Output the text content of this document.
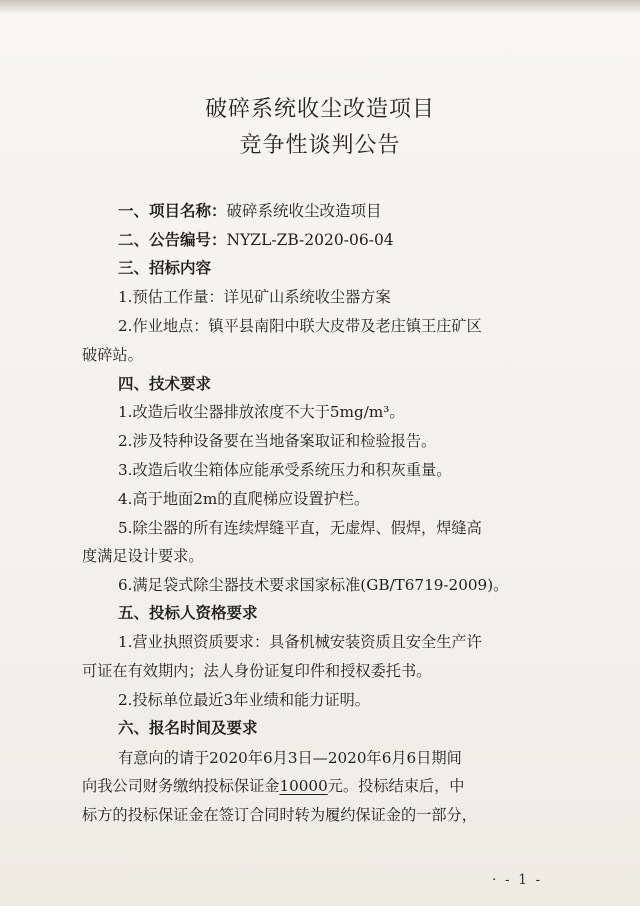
破碎系统收尘改造项目
竞争性谈判公告
一、项目名称：破碎系统收尘改造项目
二、公告编号：NYZL-ZB-2020-06-04
三、招标内容
1.预估工作量：详见矿山系统收尘器方案
2.作业地点：镇平县南阳中联大皮带及老庄镇王庄矿区
破碎站。
四、技术要求
1.改造后收尘器排放浓度不大于5mg/m³。
2.涉及特种设备要在当地备案取证和检验报告。
3.改造后收尘箱体应能承受系统压力和积灰重量。
4.高于地面2m的直爬梯应设置护栏。
5.除尘器的所有连续焊缝平直，无虚焊、假焊，焊缝高
度满足设计要求。
6.满足袋式除尘器技术要求国家标准(GB/T6719-2009)。
五、投标人资格要求
1.营业执照资质要求：具备机械安装资质且安全生产许
可证在有效期内；法人身份证复印件和授权委托书。
2.投标单位最近3年业绩和能力证明。
六、报名时间及要求
有意向的请于2020年6月3日—2020年6月6日期间
向我公司财务缴纳投标保证金10000元。投标结束后，中
标方的投标保证金在签订合同时转为履约保证金的一部分，
· - 1 -
